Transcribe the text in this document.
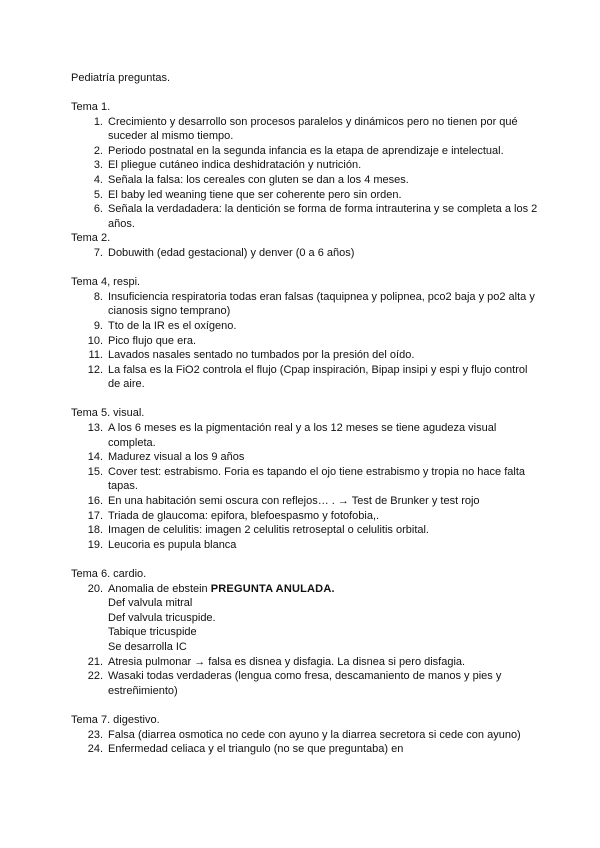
Pediatría preguntas.
Tema 1.
1. Crecimiento y desarrollo son procesos paralelos y dinámicos pero no tienen por qué suceder al mismo tiempo.
2. Periodo postnatal en la segunda infancia es la etapa de aprendizaje e intelectual.
3. El pliegue cutáneo indica deshidratación y nutrición.
4. Señala la falsa: los cereales con gluten se dan a los 4 meses.
5. El baby led weaning tiene que ser coherente pero sin orden.
6. Señala la verdadadera: la dentición se forma de forma intrauterina y se completa a los 2 años.
Tema 2.
7. Dobuwith (edad gestacional) y denver (0 a 6 años)
Tema 4, respi.
8. Insuficiencia respiratoria todas eran falsas (taquipnea y polipnea, pco2 baja y po2 alta y cianosis signo temprano)
9. Tto de la IR es el oxígeno.
10. Pico flujo que era.
11. Lavados nasales sentado no tumbados por la presión del oído.
12. La falsa es la FiO2 controla el flujo (Cpap inspiración, Bipap insipi y espi y flujo control de aire.
Tema 5. visual.
13. A los 6 meses es la pigmentación real y a los 12 meses se tiene agudeza visual completa.
14. Madurez visual a los 9 años
15. Cover test: estrabismo. Foria es tapando el ojo tiene estrabismo y tropia no hace falta tapas.
16. En una habitación semi oscura con reflejos… . → Test de Brunker y test rojo
17. Triada de glaucoma: epifora, blefoespasmo y fotofobia,.
18. Imagen de celulitis: imagen 2 celulitis retroseptal o celulitis orbital.
19. Leucoria es pupula blanca
Tema 6. cardio.
20. Anomalia de ebstein PREGUNTA ANULADA.
Def valvula mitral
Def valvula tricuspide.
Tabique tricuspide
Se desarrolla IC
21. Atresia pulmonar → falsa es disnea y disfagia. La disnea si pero disfagia.
22. Wasaki todas verdaderas (lengua como fresa, descamaniento de manos y pies y estreñimiento)
Tema 7. digestivo.
23. Falsa (diarrea osmotica no cede con ayuno y la diarrea secretora si cede con ayuno)
24. Enfermedad celiaca y el triangulo (no se que preguntaba) en
